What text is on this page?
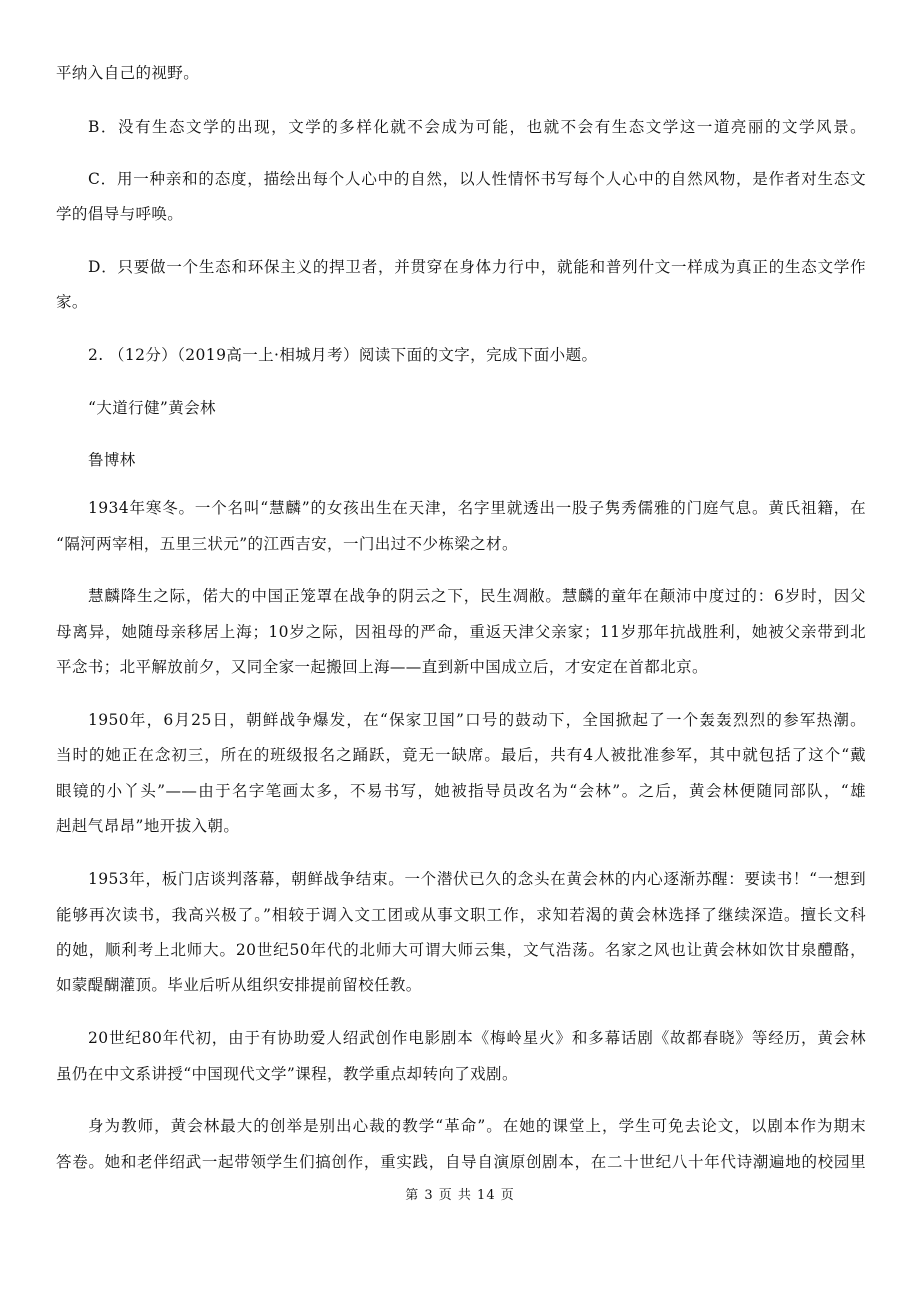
平纳入自己的视野。
B．没有生态文学的出现，文学的多样化就不会成为可能，也就不会有生态文学这一道亮丽的文学风景。
C．用一种亲和的态度，描绘出每个人心中的自然，以人性情怀书写每个人心中的自然风物，是作者对生态文
学的倡导与呼唤。
D．只要做一个生态和环保主义的捍卫者，并贯穿在身体力行中，就能和普列什文一样成为真正的生态文学作
家。
2. （12分）（2019高一上·相城月考）阅读下面的文字，完成下面小题。
“大道行健”黄会林
鲁博林
1934年寒冬。一个名叫“慧麟”的女孩出生在天津，名字里就透出一股子隽秀儒雅的门庭气息。黄氏祖籍，在
“隔河两宰相，五里三状元”的江西吉安，一门出过不少栋梁之材。
慧麟降生之际，偌大的中国正笼罩在战争的阴云之下，民生凋敝。慧麟的童年在颠沛中度过的：6岁时，因父
母离异，她随母亲移居上海；10岁之际，因祖母的严命，重返天津父亲家；11岁那年抗战胜利，她被父亲带到北
平念书；北平解放前夕，又同全家一起搬回上海——直到新中国成立后，才安定在首都北京。
1950年，6月25日，朝鲜战争爆发，在“保家卫国”口号的鼓动下，全国掀起了一个轰轰烈烈的参军热潮。
当时的她正在念初三，所在的班级报名之踊跃，竟无一缺席。最后，共有4人被批准参军，其中就包括了这个“戴
眼镜的小丫头”——由于名字笔画太多，不易书写，她被指导员改名为“会林”。之后，黄会林便随同部队，“雄
赳赳气昂昂”地开拔入朝。
1953年，板门店谈判落幕，朝鲜战争结束。一个潜伏已久的念头在黄会林的内心逐渐苏醒：要读书！“一想到
能够再次读书，我高兴极了。”相较于调入文工团或从事文职工作，求知若渴的黄会林选择了继续深造。擅长文科
的她，顺利考上北师大。20世纪50年代的北师大可谓大师云集，文气浩荡。名家之风也让黄会林如饮甘泉醴酪，
如蒙醍醐灌顶。毕业后听从组织安排提前留校任教。
20世纪80年代初，由于有协助爱人绍武创作电影剧本《梅岭星火》和多幕话剧《故都春晓》等经历，黄会林
虽仍在中文系讲授“中国现代文学”课程，教学重点却转向了戏剧。
身为教师，黄会林最大的创举是别出心裁的教学“革命”。在她的课堂上，学生可免去论文，以剧本作为期末
答卷。她和老伴绍武一起带领学生们搞创作，重实践，自导自演原创剧本，在二十世纪八十年代诗潮遍地的校园里
第 3 页 共 14 页
